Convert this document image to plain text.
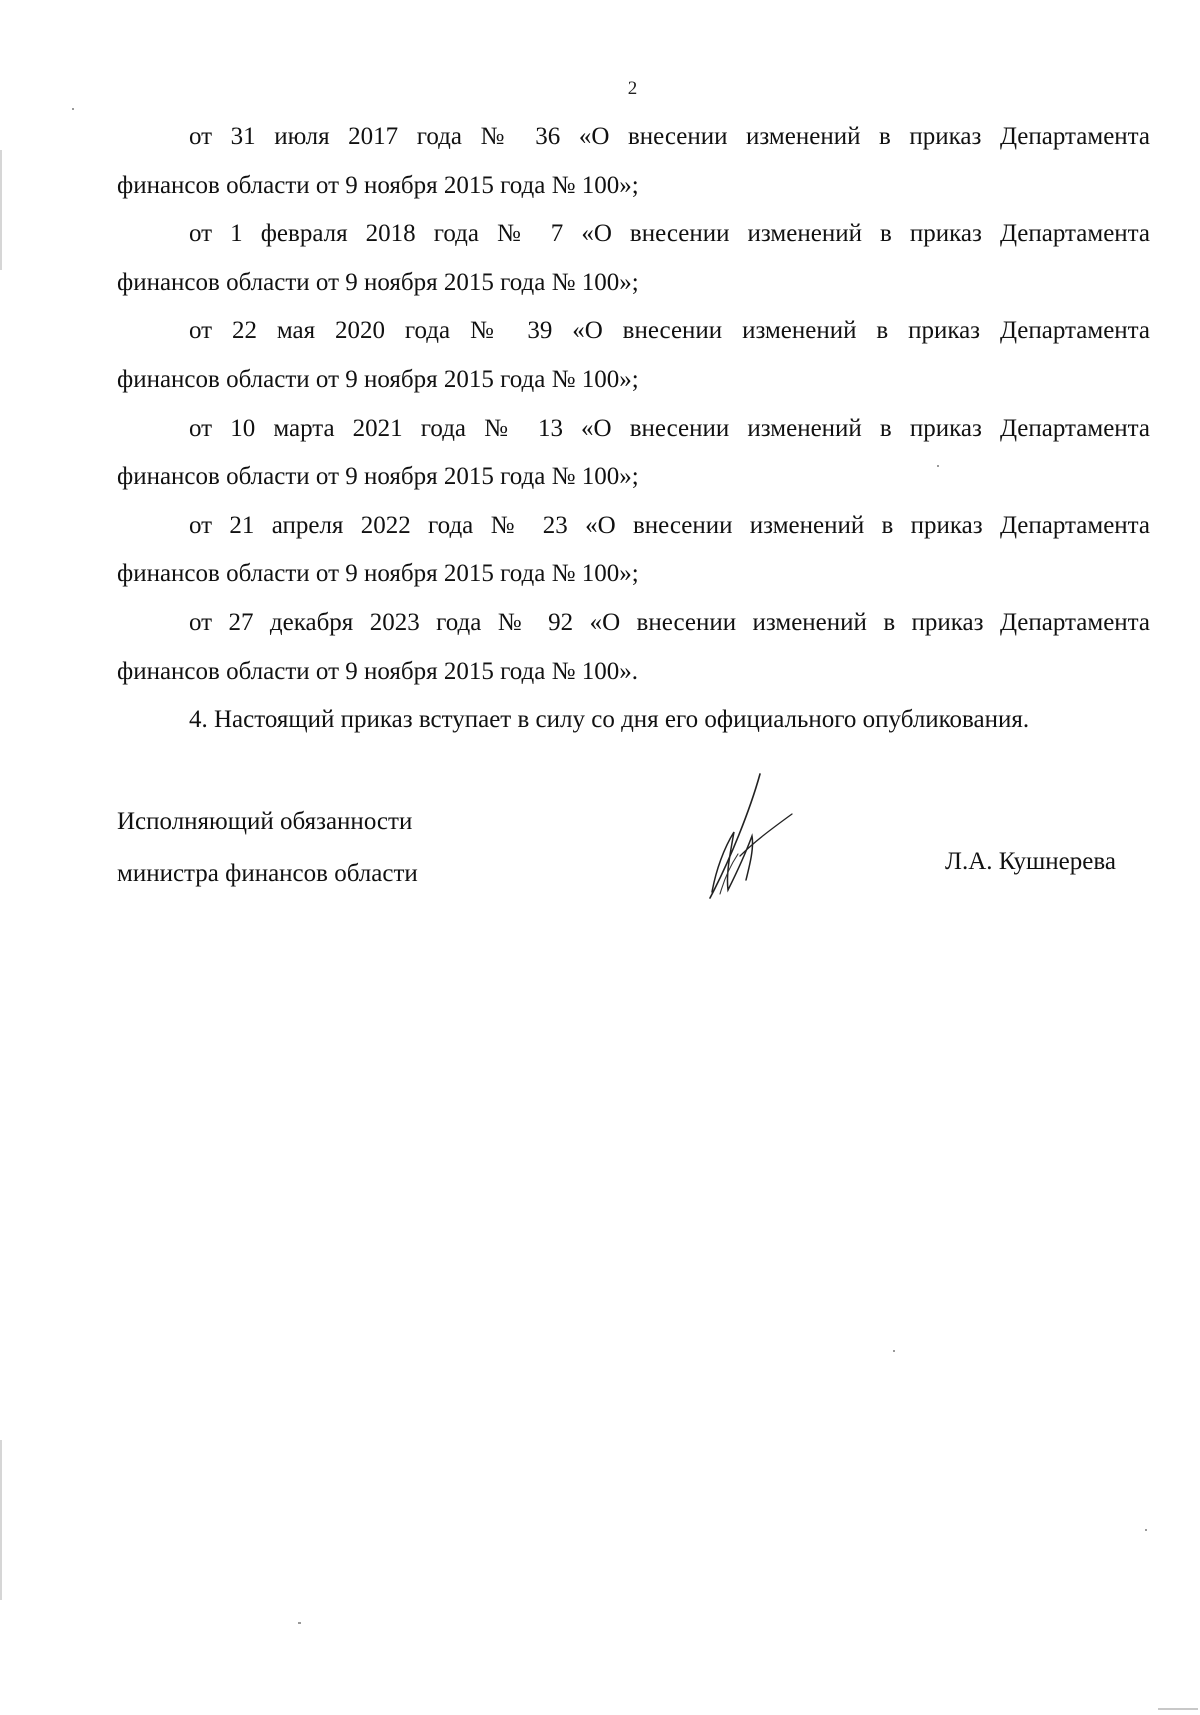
2

от 31 июля 2017 года № 36 «О внесении изменений в приказ Департамента
финансов области от 9 ноября 2015 года № 100»;

от 1 февраля 2018 года № 7 «О внесении изменений в приказ Департамента
финансов области от 9 ноября 2015 года № 100»;

от 22 мая 2020 года № 39 «О внесении изменений в приказ Департамента
финансов области от 9 ноября 2015 года № 100»;

от 10 марта 2021 года № 13 «О внесении изменений в приказ Департамента
финансов области от 9 ноября 2015 года № 100»;

от 21 апреля 2022 года № 23 «О внесении изменений в приказ Департамента
финансов области от 9 ноября 2015 года № 100»;

от 27 декабря 2023 года № 92 «О внесении изменений в приказ Департамента
финансов области от 9 ноября 2015 года № 100».

4. Настоящий приказ вступает в силу со дня его официального опубликования.

Исполняющий обязанности
министра финансов области	Л.А. Кушнерева
